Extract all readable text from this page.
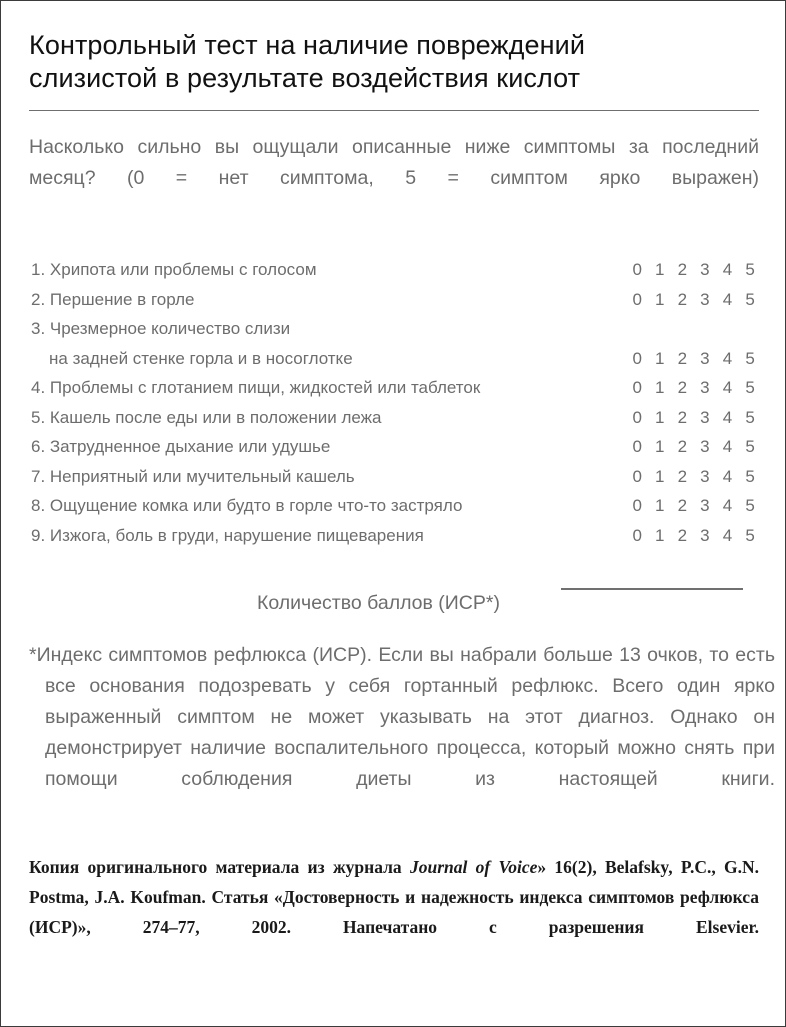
Контрольный тест на наличие повреждений слизистой в результате воздействия кислот

Насколько сильно вы ощущали описанные ниже симптомы за последний месяц? (0 = нет симптома, 5 = симптом ярко выражен)

1. Хрипота или проблемы с голосом	0 1 2 3 4 5
2. Першение в горле	0 1 2 3 4 5
3. Чрезмерное количество слизи
на задней стенке горла и в носоглотке	0 1 2 3 4 5
4. Проблемы с глотанием пищи, жидкостей или таблеток	0 1 2 3 4 5
5. Кашель после еды или в положении лежа	0 1 2 3 4 5
6. Затрудненное дыхание или удушье	0 1 2 3 4 5
7. Неприятный или мучительный кашель	0 1 2 3 4 5
8. Ощущение комка или будто в горле что-то застряло	0 1 2 3 4 5
9. Изжога, боль в груди, нарушение пищеварения	0 1 2 3 4 5
Количество баллов (ИСР*)

*Индекс симптомов рефлюкса (ИСР). Если вы набрали больше 13 очков, то есть все основания подозревать у себя гортанный рефлюкс. Всего один ярко выраженный симптом не может указывать на этот диагноз. Однако он демонстрирует наличие воспалительного процесса, который можно снять при помощи соблюдения диеты из настоящей книги.

Копия оригинального материала из журнала Journal of Voice» 16(2), Belafsky, P.C., G.N. Postma, J.A. Koufman. Статья «Достоверность и надежность индекса симптомов рефлюкса (ИСР)», 274–77, 2002. Напечатано с разрешения Elsevier.
